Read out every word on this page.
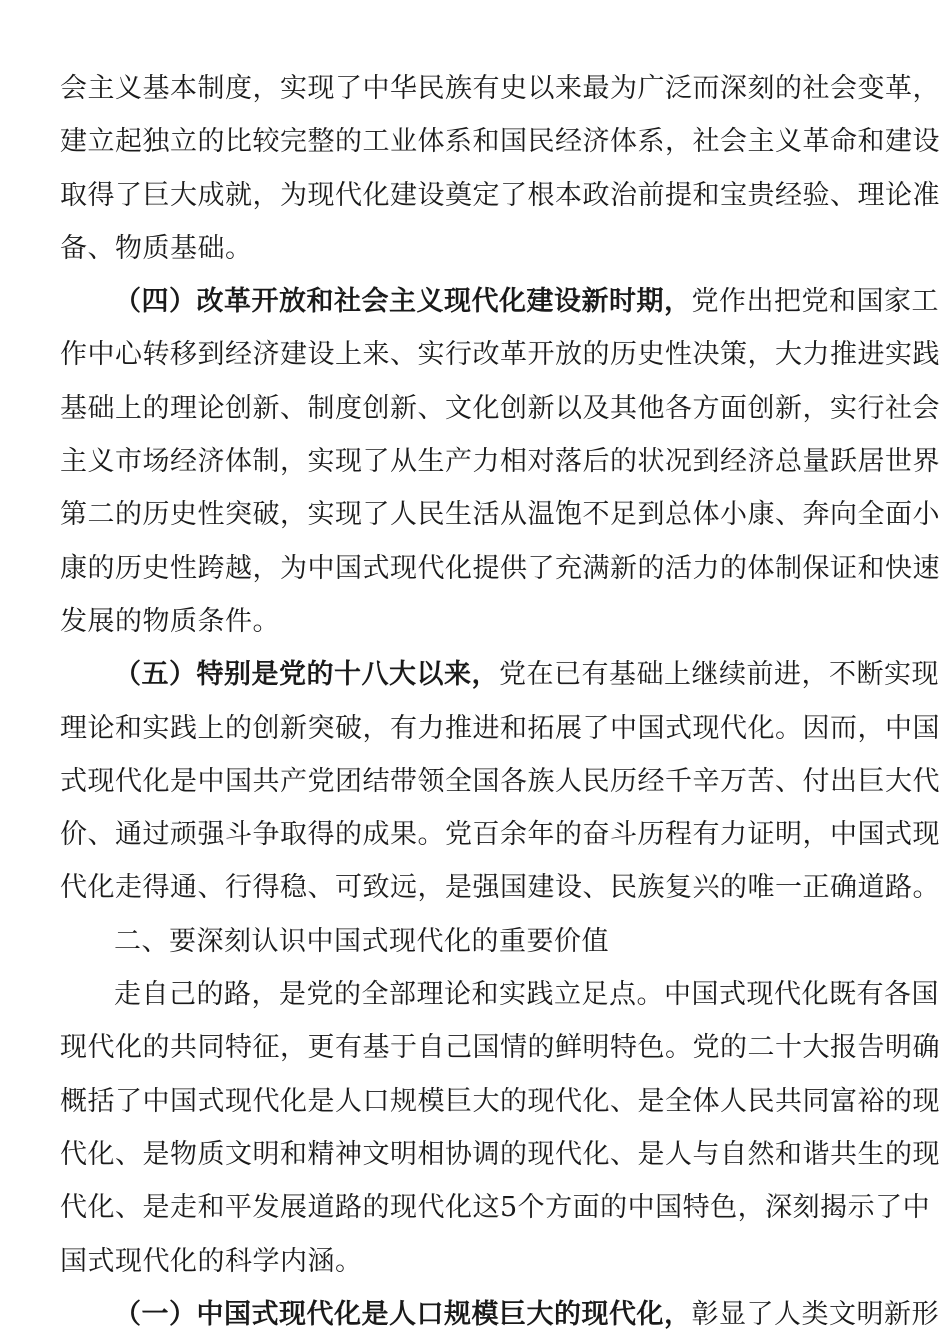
会主义基本制度，实现了中华民族有史以来最为广泛而深刻的社会变革，
建立起独立的比较完整的工业体系和国民经济体系，社会主义革命和建设
取得了巨大成就，为现代化建设奠定了根本政治前提和宝贵经验、理论准
备、物质基础。
（四）改革开放和社会主义现代化建设新时期，党作出把党和国家工
作中心转移到经济建设上来、实行改革开放的历史性决策，大力推进实践
基础上的理论创新、制度创新、文化创新以及其他各方面创新，实行社会
主义市场经济体制，实现了从生产力相对落后的状况到经济总量跃居世界
第二的历史性突破，实现了人民生活从温饱不足到总体小康、奔向全面小
康的历史性跨越，为中国式现代化提供了充满新的活力的体制保证和快速
发展的物质条件。
（五）特别是党的十八大以来，党在已有基础上继续前进，不断实现
理论和实践上的创新突破，有力推进和拓展了中国式现代化。因而，中国
式现代化是中国共产党团结带领全国各族人民历经千辛万苦、付出巨大代
价、通过顽强斗争取得的成果。党百余年的奋斗历程有力证明，中国式现
代化走得通、行得稳、可致远，是强国建设、民族复兴的唯一正确道路。
二、要深刻认识中国式现代化的重要价值
走自己的路，是党的全部理论和实践立足点。中国式现代化既有各国
现代化的共同特征，更有基于自己国情的鲜明特色。党的二十大报告明确
概括了中国式现代化是人口规模巨大的现代化、是全体人民共同富裕的现
代化、是物质文明和精神文明相协调的现代化、是人与自然和谐共生的现
代化、是走和平发展道路的现代化这5个方面的中国特色，深刻揭示了中
国式现代化的科学内涵。
（一）中国式现代化是人口规模巨大的现代化，彰显了人类文明新形
